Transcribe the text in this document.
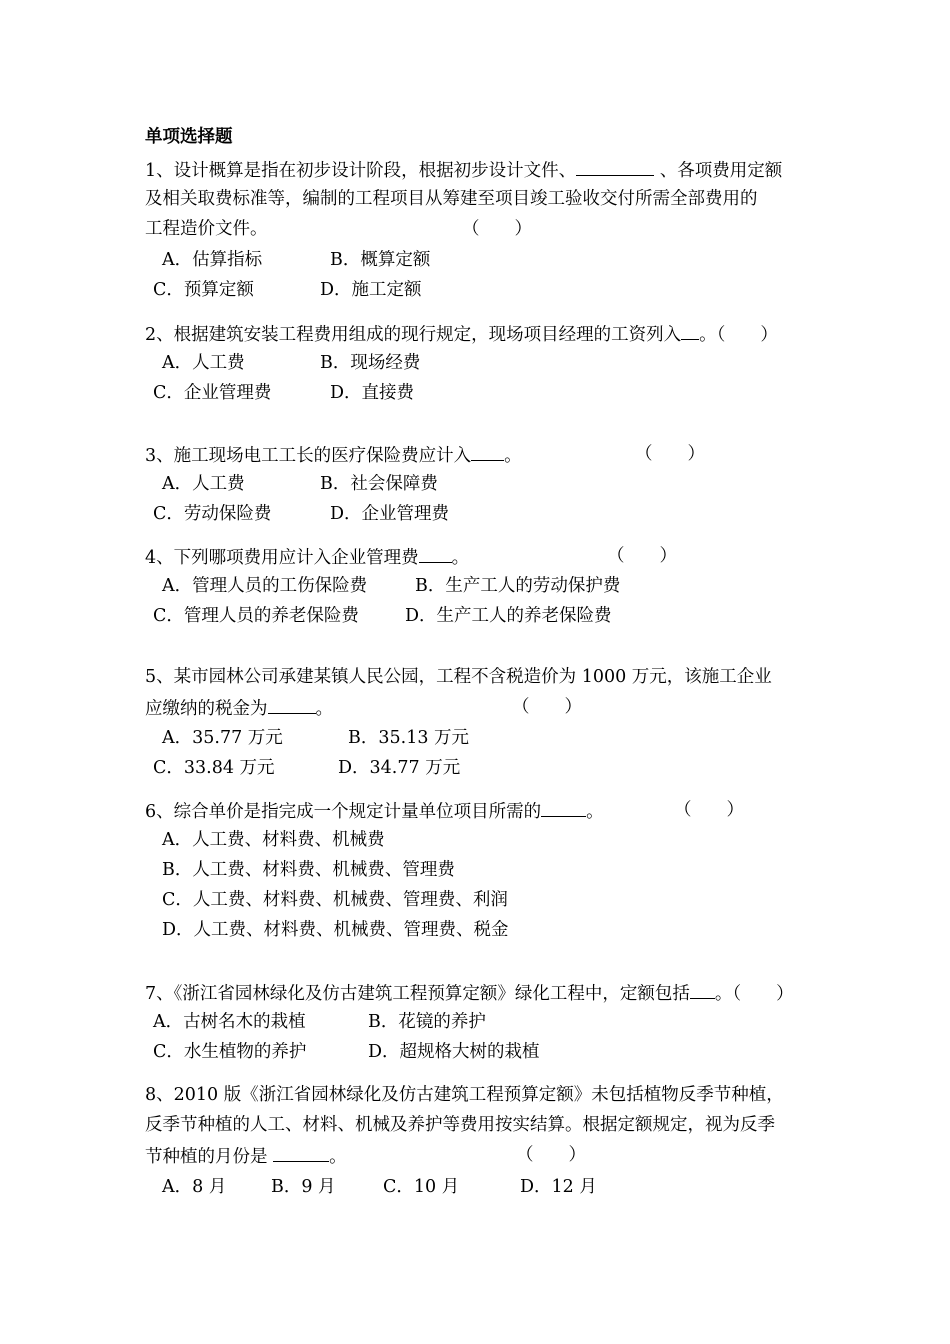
单项选择题
1、设计概算是指在初步设计阶段，根据初步设计文件、	、各项费用定额
及相关取费标准等，编制的工程项目从筹建至项目竣工验收交付所需全部费用的
工程造价文件。	（　　）
A．估算指标	B．概算定额
C．预算定额	D．施工定额
2、根据建筑安装工程费用组成的现行规定，现场项目经理的工资列入 。（　　）
A．人工费	B．现场经费
C．企业管理费	D．直接费
3、施工现场电工工长的医疗保险费应计入 。	（　　）
A．人工费	B．社会保障费
C．劳动保险费	D．企业管理费
4、下列哪项费用应计入企业管理费 。	（　　）
A．管理人员的工伤保险费	B．生产工人的劳动保护费
C．管理人员的养老保险费	D．生产工人的养老保险费
5、某市园林公司承建某镇人民公园，工程不含税造价为 1000 万元，该施工企业
应缴纳的税金为	。	（　　）
A．35.77 万元	B．35.13 万元
C．33.84 万元	D．34.77 万元
6、综合单价是指完成一个规定计量单位项目所需的	。	（　　）
A．人工费、材料费、机械费
B．人工费、材料费、机械费、管理费
C．人工费、材料费、机械费、管理费、利润
D．人工费、材料费、机械费、管理费、税金
7、《浙江省园林绿化及仿古建筑工程预算定额》绿化工程中，定额包括 。（　　）
A．古树名木的栽植	B．花镜的养护
C．水生植物的养护	D．超规格大树的栽植
8、2010 版《浙江省园林绿化及仿古建筑工程预算定额》未包括植物反季节种植，
反季节种植的人工、材料、机械及养护等费用按实结算。根据定额规定，视为反季
节种植的月份是	。	（　　）
A．8 月	B．9 月	C．10 月	D．12 月
